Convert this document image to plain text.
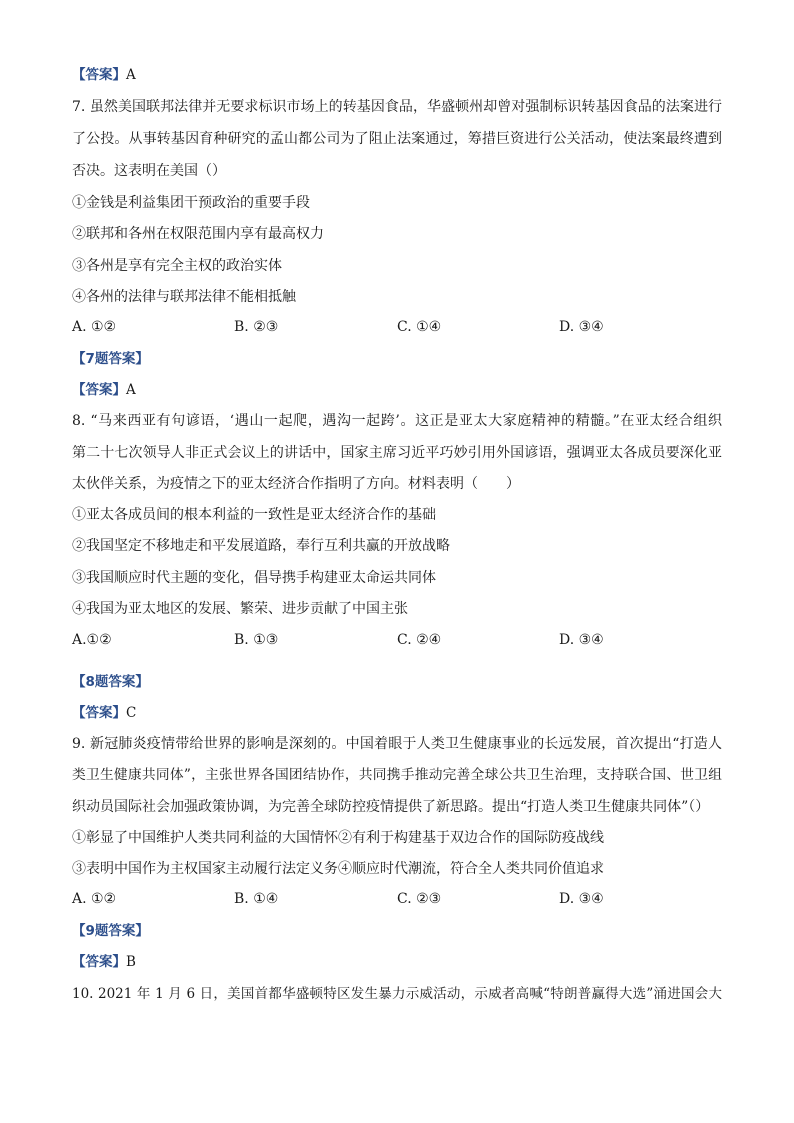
【答案】A
7. 虽然美国联邦法律并无要求标识市场上的转基因食品，华盛顿州却曾对强制标识转基因食品的法案进行
了公投。从事转基因育种研究的孟山都公司为了阻止法案通过，筹措巨资进行公关活动，使法案最终遭到
否决。这表明在美国（）
①金钱是利益集团干预政治的重要手段
②联邦和各州在权限范围内享有最高权力
③各州是享有完全主权的政治实体
④各州的法律与联邦法律不能相抵触
A. ①②	B. ②③	C. ①④	D. ③④
【7题答案】
【答案】A
8. “马来西亚有句谚语，‘遇山一起爬，遇沟一起跨’。这正是亚太大家庭精神的精髓。”在亚太经合组织
第二十七次领导人非正式会议上的讲话中，国家主席习近平巧妙引用外国谚语，强调亚太各成员要深化亚
太伙伴关系，为疫情之下的亚太经济合作指明了方向。材料表明（　　）
①亚太各成员间的根本利益的一致性是亚太经济合作的基础
②我国坚定不移地走和平发展道路，奉行互利共赢的开放战略
③我国顺应时代主题的变化，倡导携手构建亚太命运共同体
④我国为亚太地区的发展、繁荣、进步贡献了中国主张
A.①②	B. ①③	C. ②④	D. ③④
【8题答案】
【答案】C
9. 新冠肺炎疫情带给世界的影响是深刻的。中国着眼于人类卫生健康事业的长远发展，首次提出“打造人
类卫生健康共同体”，主张世界各国团结协作，共同携手推动完善全球公共卫生治理，支持联合国、世卫组
织动员国际社会加强政策协调，为完善全球防控疫情提供了新思路。提出“打造人类卫生健康共同体”（）
①彰显了中国维护人类共同利益的大国情怀②有利于构建基于双边合作的国际防疫战线
③表明中国作为主权国家主动履行法定义务④顺应时代潮流，符合全人类共同价值追求
A. ①②	B. ①④	C. ②③	D. ③④
【9题答案】
【答案】B
10. 2021 年 1 月 6 日，美国首都华盛顿特区发生暴力示威活动，示威者高喊“特朗普赢得大选”涌进国会大
